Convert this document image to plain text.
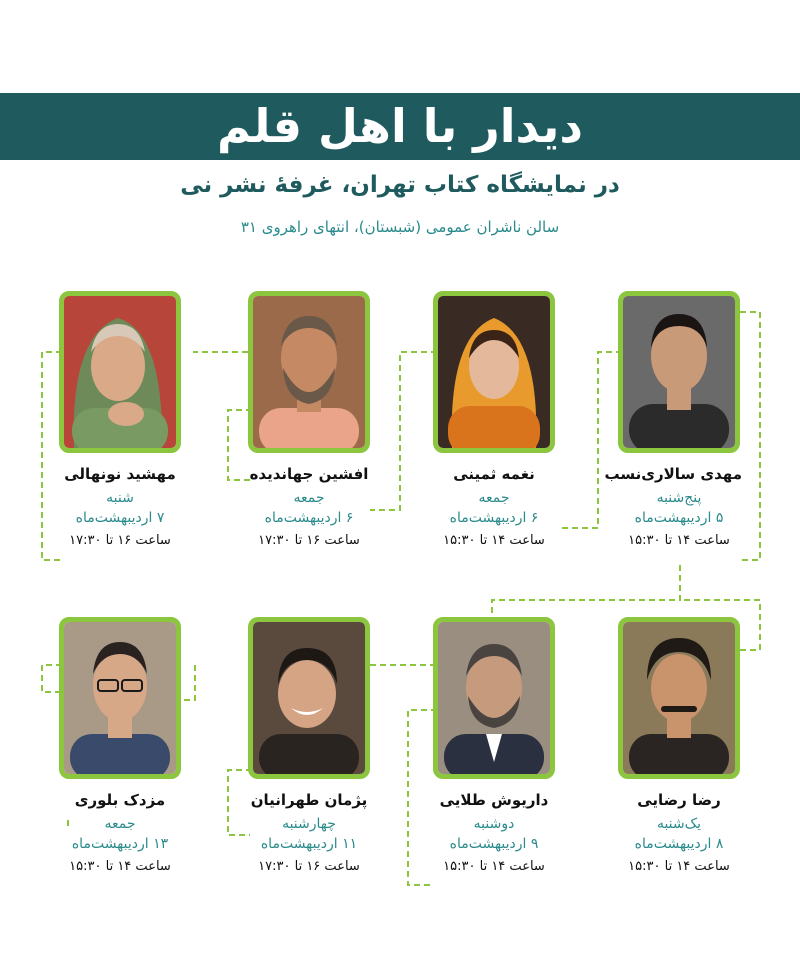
دیدار با اهل قلم
در نمایشگاه کتاب تهران، غرفهٔ نشر نی
سالن ناشران عمومی (شبستان)، انتهای راهروی ۳۱
مهدی سالاری‌نسب
پنج‌شنبه
۵ اردیبهشت‌ماه
ساعت ۱۴ تا ۱۵:۳۰
نغمه ثمینی
جمعه
۶ اردیبهشت‌ماه
ساعت ۱۴ تا ۱۵:۳۰
افشین جهاندیده
جمعه
۶ اردیبهشت‌ماه
ساعت ۱۶ تا ۱۷:۳۰
مهشید نونهالی
شنبه
۷ اردیبهشت‌ماه
ساعت ۱۶ تا ۱۷:۳۰
رضا رضایی
یک‌شنبه
۸ اردیبهشت‌ماه
ساعت ۱۴ تا ۱۵:۳۰
داریوش طلایی
دوشنبه
۹ اردیبهشت‌ماه
ساعت ۱۴ تا ۱۵:۳۰
پژمان طهرانیان
چهارشنبه
۱۱ اردیبهشت‌ماه
ساعت ۱۶ تا ۱۷:۳۰
مزدک بلوری
جمعه
۱۳ اردیبهشت‌ماه
ساعت ۱۴ تا ۱۵:۳۰
